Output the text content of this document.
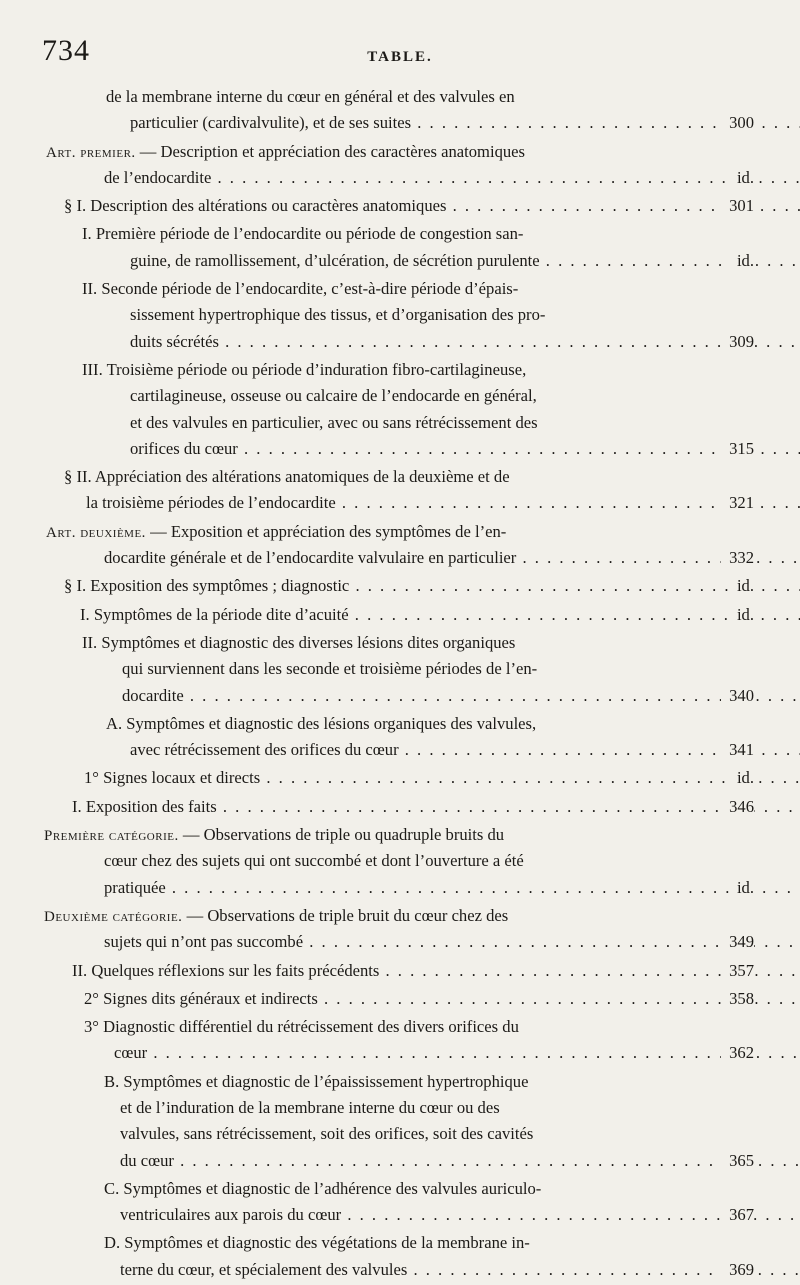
734	TABLE.
de la membrane interne du cœur en général et des valvules en
particulier (cardivalvulite), et de ses suites . . .	300
Art. premier. — Description et appréciation des caractères anatomiques
de l’endocardite . . .	id.
§ I. Description des altérations ou caractères anatomiques . . .	301
I. Première période de l’endocardite ou période de congestion san-
guine, de ramollissement, d’ulcération, de sécrétion purulente . . .	id.
II. Seconde période de l’endocardite, c’est-à-dire période d’épais-
sissement hypertrophique des tissus, et d’organisation des pro-
duits sécrétés . . .	309
III. Troisième période ou période d’induration fibro-cartilagineuse,
cartilagineuse, osseuse ou calcaire de l’endocarde en général,
et des valvules en particulier, avec ou sans rétrécissement des
orifices du cœur . . .	315
§ II. Appréciation des altérations anatomiques de la deuxième et de
la troisième périodes de l’endocardite . . .	321
Art. deuxième. — Exposition et appréciation des symptômes de l’en-
docardite générale et de l’endocardite valvulaire en particulier . . .	332
§ I. Exposition des symptômes ; diagnostic . . .	id.
I. Symptômes de la période dite d’acuité . . .	id.
II. Symptômes et diagnostic des diverses lésions dites organiques
qui surviennent dans les seconde et troisième périodes de l’en-
docardite . . .	340
A. Symptômes et diagnostic des lésions organiques des valvules,
avec rétrécissement des orifices du cœur . . .	341
1° Signes locaux et directs . . .	id.
I. Exposition des faits . . .	346
Première catégorie. — Observations de triple ou quadruple bruits du
cœur chez des sujets qui ont succombé et dont l’ouverture a été
pratiquée . . .	id.
Deuxième catégorie. — Observations de triple bruit du cœur chez des
sujets qui n’ont pas succombé . . .	349
II. Quelques réflexions sur les faits précédents . . .	357
2° Signes dits généraux et indirects . . .	358
3° Diagnostic différentiel du rétrécissement des divers orifices du
cœur . . .	362
B. Symptômes et diagnostic de l’épaississement hypertrophique
et de l’induration de la membrane interne du cœur ou des
valvules, sans rétrécissement, soit des orifices, soit des cavités
du cœur . . .	365
C. Symptômes et diagnostic de l’adhérence des valvules auriculo-
ventriculaires aux parois du cœur . . .	367
D. Symptômes et diagnostic des végétations de la membrane in-
terne du cœur, et spécialement des valvules . . .	369
